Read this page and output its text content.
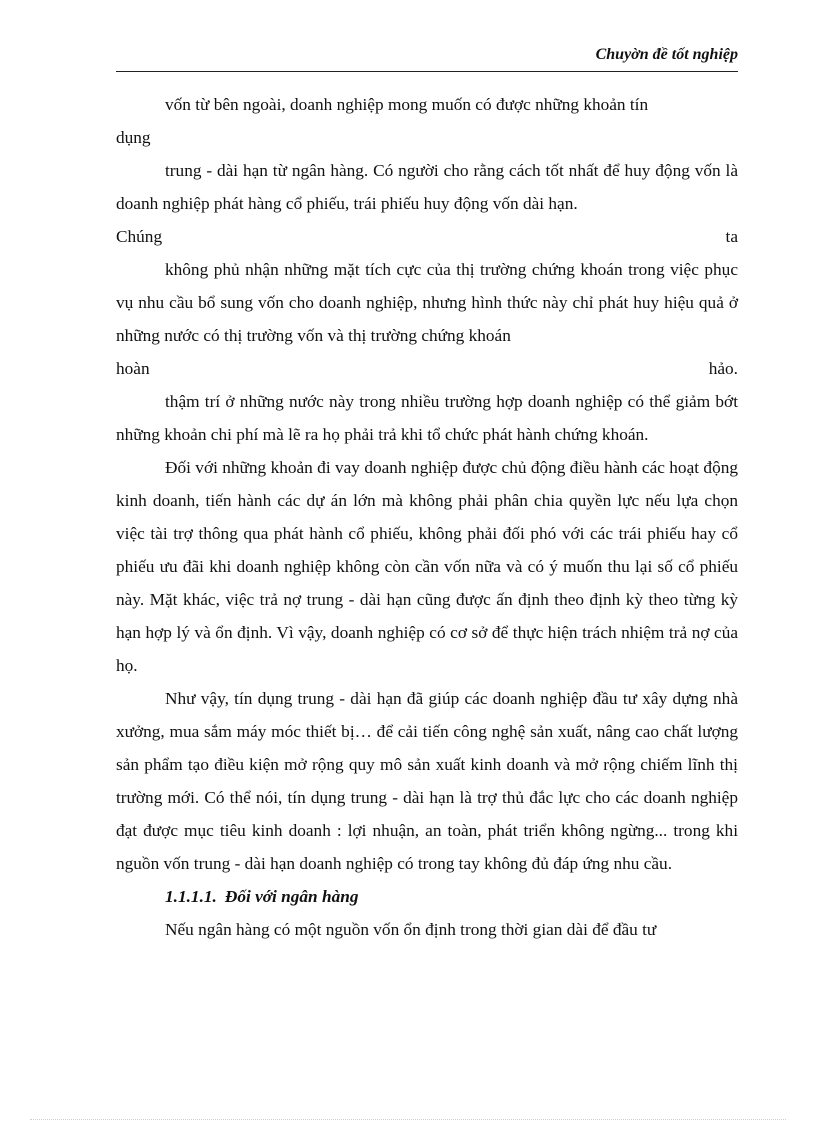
Chuyờn đề tốt nghiệp

vốn từ bên ngoài, doanh nghiệp mong muốn có được những khoản tín

dụng

trung - dài hạn từ ngân hàng. Có người cho rằng cách tốt nhất để huy động vốn là doanh nghiệp phát hàng cổ phiếu, trái phiếu huy động vốn dài hạn.

Chúng	ta

không phủ nhận những mặt tích cực của thị trường chứng khoán trong việc phục vụ nhu cầu bổ sung vốn cho doanh nghiệp, nhưng hình thức này chỉ phát huy hiệu quả ở những nước có thị trường vốn và thị trường chứng khoán

hoàn	hảo.

thậm trí ở những nước này trong nhiều trường hợp doanh nghiệp có thể giảm bớt những khoản chi phí mà lẽ ra họ phải trả khi tổ chức phát hành chứng khoán.

Đối với những khoản đi vay doanh nghiệp được chủ động điều hành các hoạt động kinh doanh, tiến hành các dự án lớn mà không phải phân chia quyền lực nếu lựa chọn việc tài trợ thông qua phát hành cổ phiếu, không phải đối phó với các trái phiếu hay cổ phiếu ưu đãi khi doanh nghiệp không còn cần vốn nữa và có ý muốn thu lại số cổ phiếu này. Mặt khác, việc trả nợ trung - dài hạn cũng được ấn định theo định kỳ theo từng kỳ hạn hợp lý và ổn định. Vì vậy, doanh nghiệp có cơ sở để thực hiện trách nhiệm trả nợ của họ.

Như vậy, tín dụng trung - dài hạn đã giúp các doanh nghiệp đầu tư xây dựng nhà xưởng, mua sắm máy móc thiết bị… để cải tiến công nghệ sản xuất, nâng cao chất lượng sản phẩm tạo điều kiện mở rộng quy mô sản xuất kinh doanh và mở rộng chiếm lĩnh thị trường mới. Có thể nói, tín dụng trung - dài hạn là trợ thủ đắc lực cho các doanh nghiệp đạt được mục tiêu kinh doanh : lợi nhuận, an toàn, phát triển không ngừng... trong khi nguồn vốn trung - dài hạn doanh nghiệp có trong tay không đủ đáp ứng nhu cầu.

1.1.1.1. Đối với ngân hàng

Nếu ngân hàng có một nguồn vốn ổn định trong thời gian dài để đầu tư
